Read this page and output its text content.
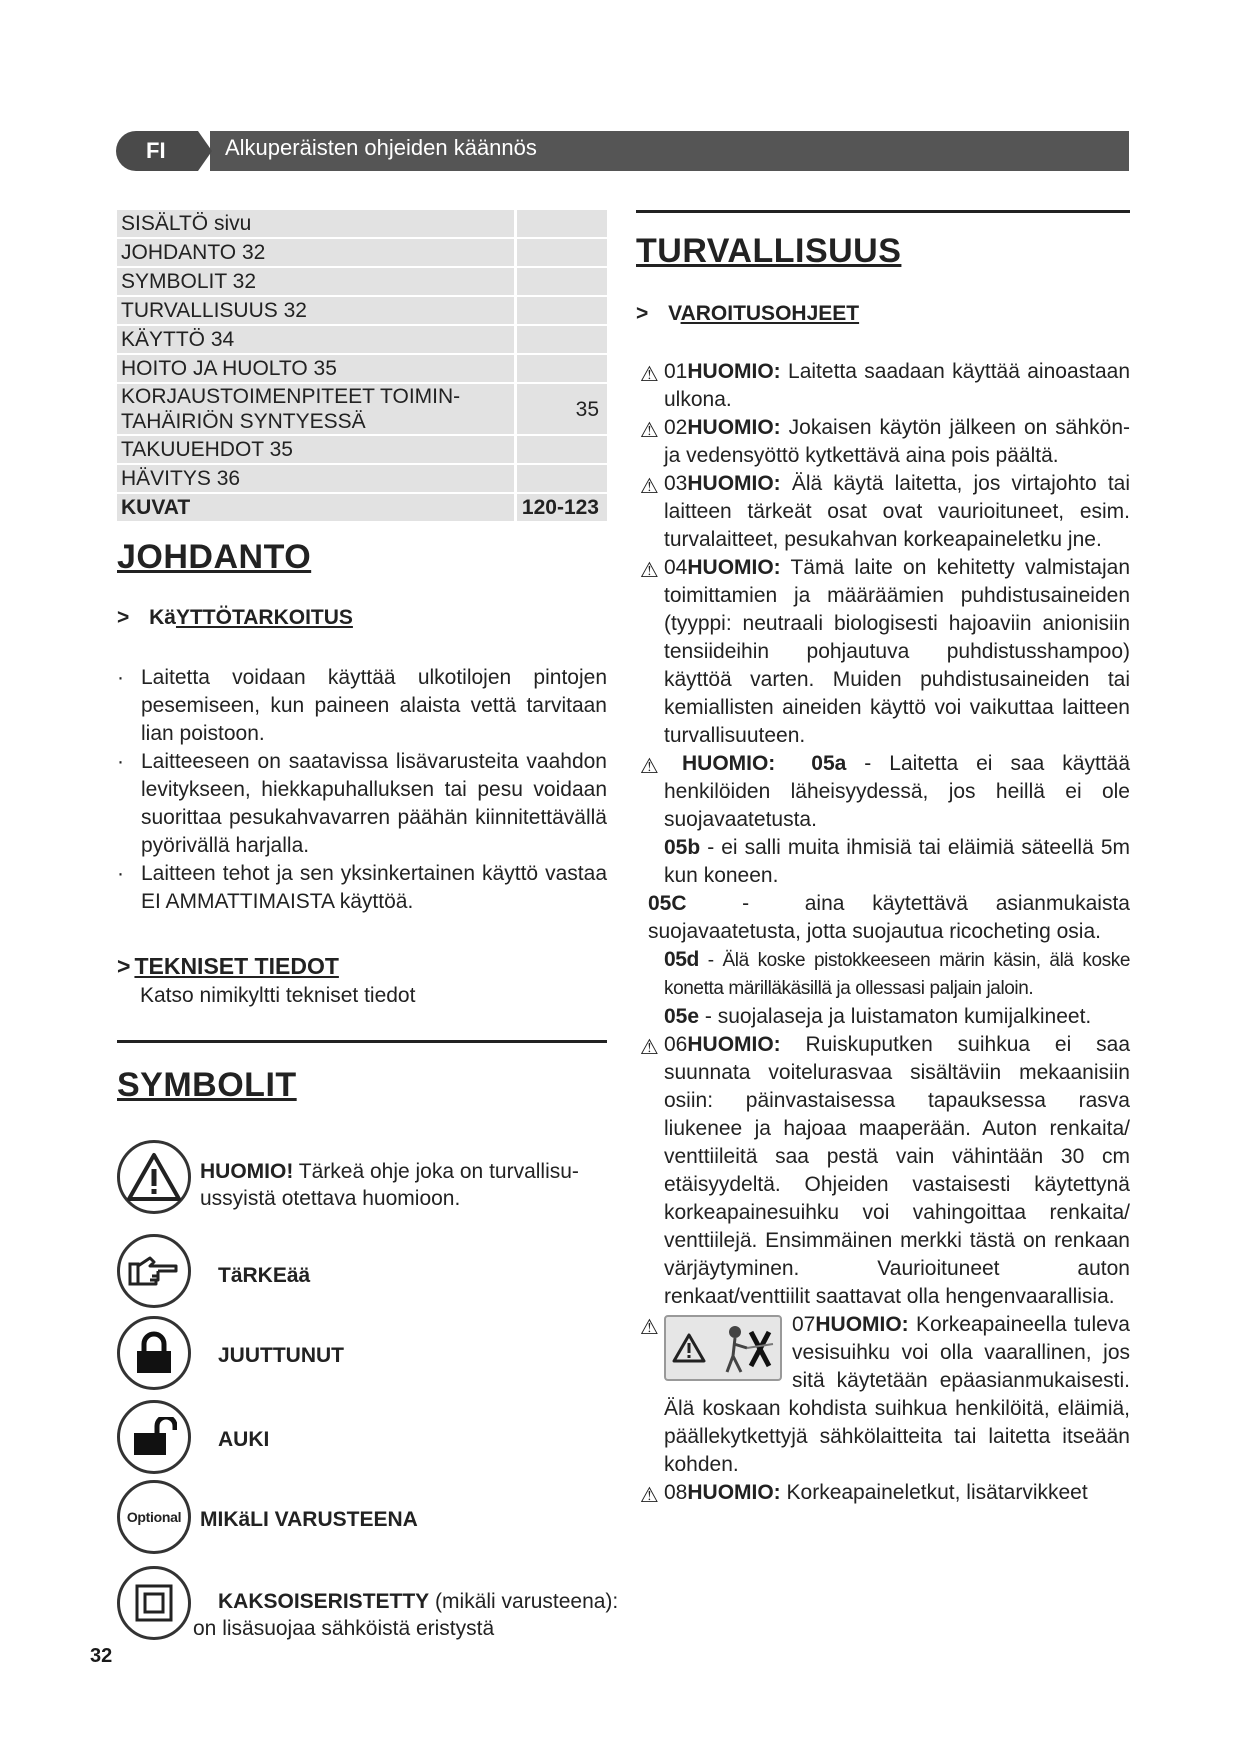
FI	Alkuperäisten ohjeiden käännös
SISÄLTÖ sivu	
JOHDANTO 32	
SYMBOLIT 32	
TURVALLISUUS 32	
KÄYTTÖ 34	
HOITO JA HUOLTO 35	
KORJAUSTOIMENPITEET TOIMIN-
TAHÄIRIÖN SYNTYESSÄ	35
TAKUUEHDOT 35	
HÄVITYS 36	
KUVAT	120-123
JOHDANTO
> KäYTTÖTARKOITUS

· Laitetta voidaan käyttää ulkotilojen pintojen pesemiseen, kun paineen alaista vettä tarvitaan lian poistoon.

· Laitteeseen on saatavissa lisävarusteita vaahdon levitykseen, hiekkapuhalluksen tai pesu voidaan suorittaa pesukahvavarren päähän kiinnitettävällä pyörivällä harjalla.

· Laitteen tehot ja sen yksinkertainen käyttö vastaa EI AMMATTIMAISTA käyttöä.

> TEKNISET TIEDOT
Katso nimikyltti tekniset tiedot
SYMBOLIT
HUOMIO! Tärkeä ohje joka on turvallisu-
ussyistä otettava huomioon.
TäRKEää
JUUTTUNUT
AUKI
Optional MIKäLI VARUSTEENA
KAKSOISERISTETTY (mikäli varusteena):
on lisäsuojaa sähköistä eristystä
32
TURVALLISUUS
> VAROITUSOHJEET

⚠ 01HUOMIO: Laitetta saadaan käyttää ainoastaan ulkona.

⚠ 02HUOMIO: Jokaisen käytön jälkeen on sähkön- ja vedensyöttö kytkettävä aina pois päältä.

⚠ 03HUOMIO: Älä käytä laitetta, jos virtajohto tai laitteen tärkeät osat ovat vaurioituneet, esim. turvalaitteet, pesukahvan korkeapaineletku jne.

⚠ 04HUOMIO: Tämä laite on kehitetty valmistajan toimittamien ja määräämien puhdistusaineiden (tyyppi: neutraali biologisesti hajoaviin anionisiin tensiideihin pohjautuva puhdistusshampoo) käyttöä varten. Muiden puhdistusaineiden tai kemiallisten aineiden käyttö voi vaikuttaa laitteen turvallisuuteen.

⚠ HUOMIO:  05a - Laitetta ei saa käyttää henkilöiden läheisyydessä, jos heillä ei ole suojavaatetusta.

05b - ei salli muita ihmisiä tai eläimiä säteellä 5m kun koneen.

05C  -  aina käytettävä asianmukaista suojavaatetusta, jotta suojautua ricocheting osia.

05d - Älä koske pistokkeeseen märin käsin, älä koske konetta märilläkäsillä ja ollessasi paljain jaloin.

05e - suojalaseja ja luistamaton kumijalkineet.

⚠ 06HUOMIO: Ruiskuputken suihkua ei saa suunnata voitelurasvaa sisältäviin mekaanisiin osiin: päinvastaisessa tapauksessa rasva liukenee ja hajoaa maaperään. Auton renkaita/ venttiileitä saa pestä vain vähintään 30 cm etäisyydeltä. Ohjeiden vastaisesti käytettynä korkeapainesuihku voi vahingoittaa renkaita/ venttiilejä. Ensimmäinen merkki tästä on renkaan värjäytyminen. Vaurioituneet auton renkaat/venttiilit saattavat olla hengenvaarallisia.

⚠	07HUOMIO: Korkeapaineella tuleva vesisuihku voi olla vaarallinen, jos sitä käytetään epäasianmukaisesti. Älä koskaan kohdista suihkua henkilöitä, eläimiä, päällekytkettyjä sähkölaitteita tai laitetta itseään kohden.

⚠ 08HUOMIO: Korkeapaineletkut, lisätarvikkeet
